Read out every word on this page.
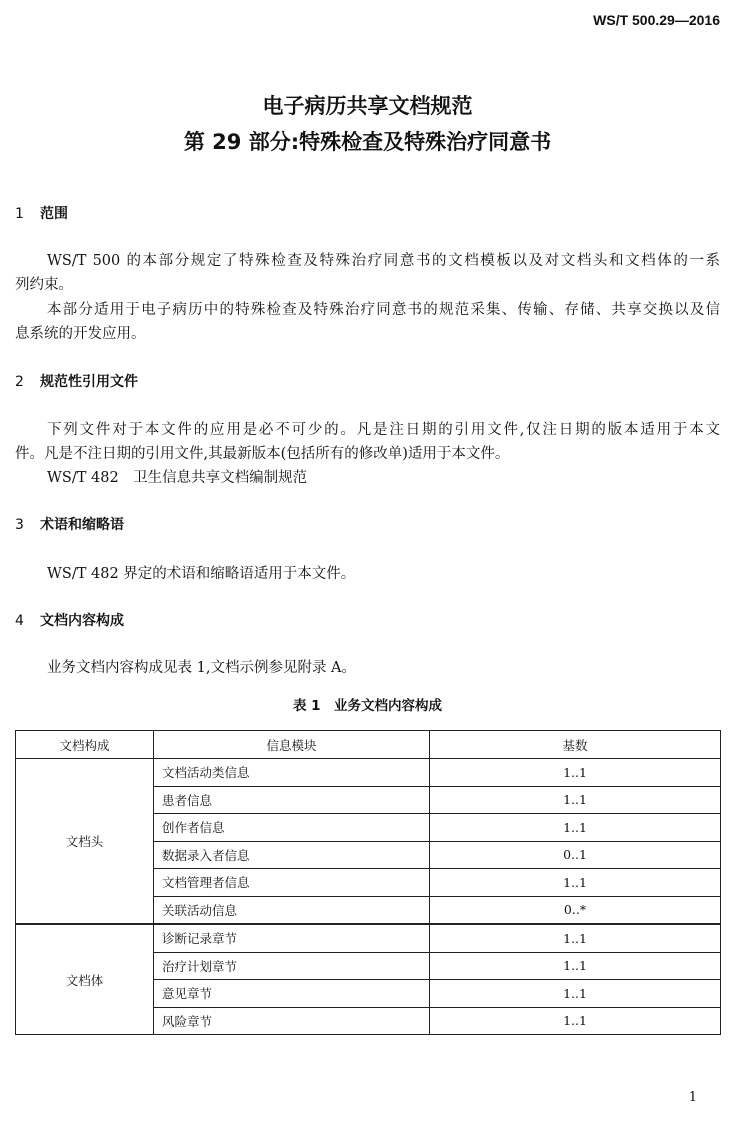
WS/T 500.29—2016
电子病历共享文档规范
第 29 部分:特殊检查及特殊治疗同意书
1 范围
WS/T 500 的本部分规定了特殊检查及特殊治疗同意书的文档模板以及对文档头和文档体的一系
列约束。
本部分适用于电子病历中的特殊检查及特殊治疗同意书的规范采集、传输、存储、共享交换以及信
息系统的开发应用。
2 规范性引用文件
下列文件对于本文件的应用是必不可少的。凡是注日期的引用文件,仅注日期的版本适用于本文
件。凡是不注日期的引用文件,其最新版本(包括所有的修改单)适用于本文件。
WS/T 482　卫生信息共享文档编制规范
3 术语和缩略语
WS/T 482 界定的术语和缩略语适用于本文件。
4 文档内容构成
业务文档内容构成见表 1,文档示例参见附录 A。
表 1　业务文档内容构成
文档构成	信息模块	基数
文档头	文档活动类信息	1..1
	患者信息	1..1
	创作者信息	1..1
	数据录入者信息	0..1
	文档管理者信息	1..1
	关联活动信息	0..*
文档体	诊断记录章节	1..1
	治疗计划章节	1..1
	意见章节	1..1
	风险章节	1..1
1
